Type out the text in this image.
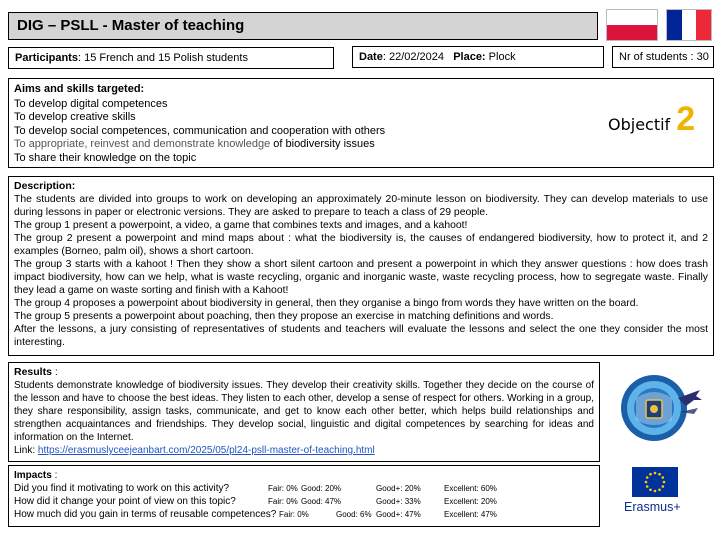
DIG – PSLL - Master of teaching
Participants: 15 French and 15 Polish students	Date: 22/02/2024 Place: Plock	Nr of students : 30
Aims and skills targeted:
To develop digital competences
To develop creative skills
To develop social competences, communication and cooperation with others
To appropriate, reinvest and demonstrate knowledge of biodiversity issues
To share their knowledge on the topic
Objectif 2
Description:

The students are divided into groups to work on developing an approximately 20-minute lesson on biodiversity. They can develop materials to use during lessons in paper or electronic versions. They are asked to prepare to teach a class of 29 people.

The group 1 present a powerpoint, a video, a game that combines texts and images, and a kahoot!

The group 2 present a powerpoint and mind maps about : what the biodiversity is, the causes of endangered biodiversity, how to protect it, and 2 examples (Borneo, palm oil), shows a short cartoon.

The group 3 starts with a kahoot ! Then they show a short silent cartoon and present a powerpoint in which they answer questions : how does trash impact biodiversity, how can we help, what is waste recycling, organic and inorganic waste, waste recycling process, how to segregate waste. Finally they lead a game on waste sorting and finish with a Kahoot!

The group 4 proposes a powerpoint about biodiversity in general, then they organise a bingo from words they have written on the board.

The group 5 presents a powerpoint about poaching, then they propose an exercise in matching definitions and words.

After the lessons, a jury consisting of representatives of students and teachers will evaluate the lessons and select the one they consider the most interesting.

Results :

Students demonstrate knowledge of biodiversity issues. They develop their creativity skills. Together they decide on the course of the lesson and have to choose the best ideas. They listen to each other, develop a sense of respect for others. Working in a group, they share responsibility, assign tasks, communicate, and get to know each other better, which helps build relationships and strengthen acquaintances and friendships. They develop social, linguistic and digital competences by searching for ideas and information on the Internet.

Link: https://erasmuslyceejeanbart.com/2025/05/pl24-psll-master-of-teaching.html

Impacts :
Did you find it motivating to work on this activity?	Fair: 0% Good: 20%	Good+: 20%	Excellent: 60%
How did it change your point of view on this topic?	Fair: 0% Good: 47%	Good+: 33%	Excellent: 20%
How much did you gain in terms of reusable competences? Fair: 0%	Good: 6% Good+: 47%	Excellent: 47%
Erasmus+
